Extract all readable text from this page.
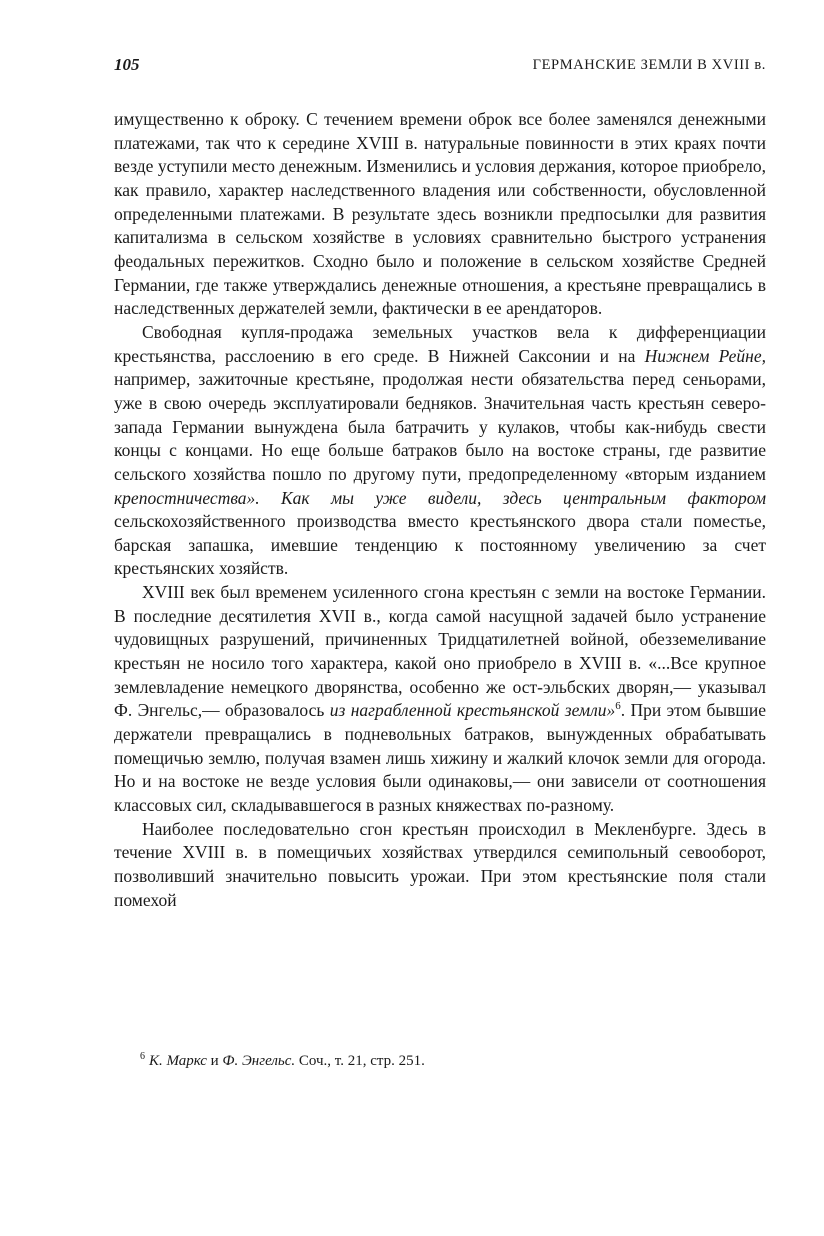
105	ГЕРМАНСКИЕ ЗЕМЛИ В XVIII в.

имущественно к оброку. С течением времени оброк все более заменялся денежными платежами, так что к середине XVIII в. натуральные повинности в этих краях почти везде уступили место денежным. Изменились и условия держания, которое приобрело, как правило, характер наследственного владения или собственности, обусловленной определенными платежами. В результате здесь возникли предпосылки для развития капитализма в сельском хозяйстве в условиях сравнительно быстрого устранения феодальных пережитков. Сходно было и положение в сельском хозяйстве Средней Германии, где также утверждались денежные отношения, а крестьяне превращались в наследственных держателей земли, фактически в ее арендаторов.

Свободная купля-продажа земельных участков вела к дифференциации крестьянства, расслоению в его среде. В Нижней Саксонии и на Нижнем Рейне, например, зажиточные крестьяне, продолжая нести обязательства перед сеньорами, уже в свою очередь эксплуатировали бедняков. Значительная часть крестьян северо-запада Германии вынуждена была батрачить у кулаков, чтобы как-нибудь свести концы с концами. Но еще больше батраков было на востоке страны, где развитие сельского хозяйства пошло по другому пути, предопределенному «вторым изданием крепостничества». Как мы уже видели, здесь центральным фактором сельскохозяйственного производства вместо крестьянского двора стали поместье, барская запашка, имевшие тенденцию к постоянному увеличению за счет крестьянских хозяйств.

XVIII век был временем усиленного сгона крестьян с земли на востоке Германии. В последние десятилетия XVII в., когда самой насущной задачей было устранение чудовищных разрушений, причиненных Тридцатилетней войной, обезземеливание крестьян не носило того характера, какой оно приобрело в XVIII в. «...Все крупное землевладение немецкого дворянства, особенно же ост-эльбских дворян,— указывал Ф. Энгельс,— образовалось из награбленной крестьянской земли»$^6$. При этом бывшие держатели превращались в подневольных батраков, вынужденных обрабатывать помещичью землю, получая взамен лишь хижину и жалкий клочок земли для огорода. Но и на востоке не везде условия были одинаковы,— они зависели от соотношения классовых сил, складывавшегося в разных княжествах по-разному.

Наиболее последовательно сгон крестьян происходил в Мекленбурге. Здесь в течение XVIII в. в помещичьих хозяйствах утвердился семипольный севооборот, позволивший значительно повысить урожаи. При этом крестьянские поля стали помехой

$^6$ К. Маркс и Ф. Энгельс. Соч., т. 21, стр. 251.
